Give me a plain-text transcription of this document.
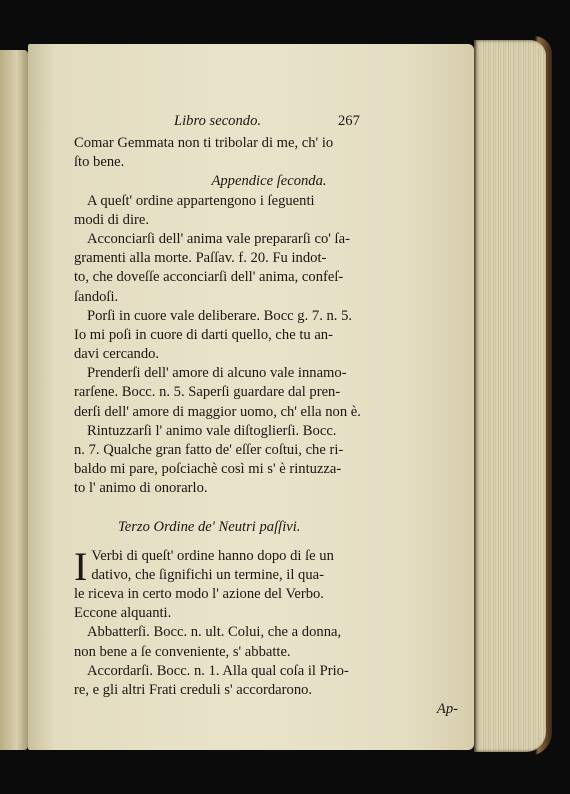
Libro secondo.	267
Comar Gemmata non ti tribolar di me, ch' io
ſto bene.
Appendice ſeconda.
A queſt' ordine appartengono i ſeguenti
modi di dire.
Acconciarſi dell' anima vale prepararſi co' ſa-
gramenti alla morte. Paſſav. f. 20. Fu indot-
to, che doveſſe acconciarſi dell' anima, confeſ-
ſandoſi.
Porſi in cuore vale deliberare. Bocc g. 7. n. 5.
Io mi poſi in cuore di darti quello, che tu an-
davi cercando.
Prenderſi dell' amore di alcuno vale innamo-
rarſene. Bocc. n. 5. Saperſi guardare dal pren-
derſi dell' amore di maggior uomo, ch' ella non è.
Rintuzzarſi l' animo vale diſtoglierſi. Bocc.
n. 7. Qualche gran fatto de' eſſer coſtui, che ri-
baldo mi pare, poſciachè così mi s' è rintuzza-
to l' animo di onorarlo.
Terzo Ordine de' Neutri paſſivi.
I Verbi di queſt' ordine hanno dopo di ſe un
dativo, che ſignifichi un termine, il qua-
le riceva in certo modo l' azione del Verbo.
Eccone alquanti.
Abbatterſi. Bocc. n. ult. Colui, che a donna,
non bene a ſe conveniente, s' abbatte.
Accordarſi. Bocc. n. 1. Alla qual coſa il Prio-
re, e gli altri Frati creduli s' accordarono.
Ap-
